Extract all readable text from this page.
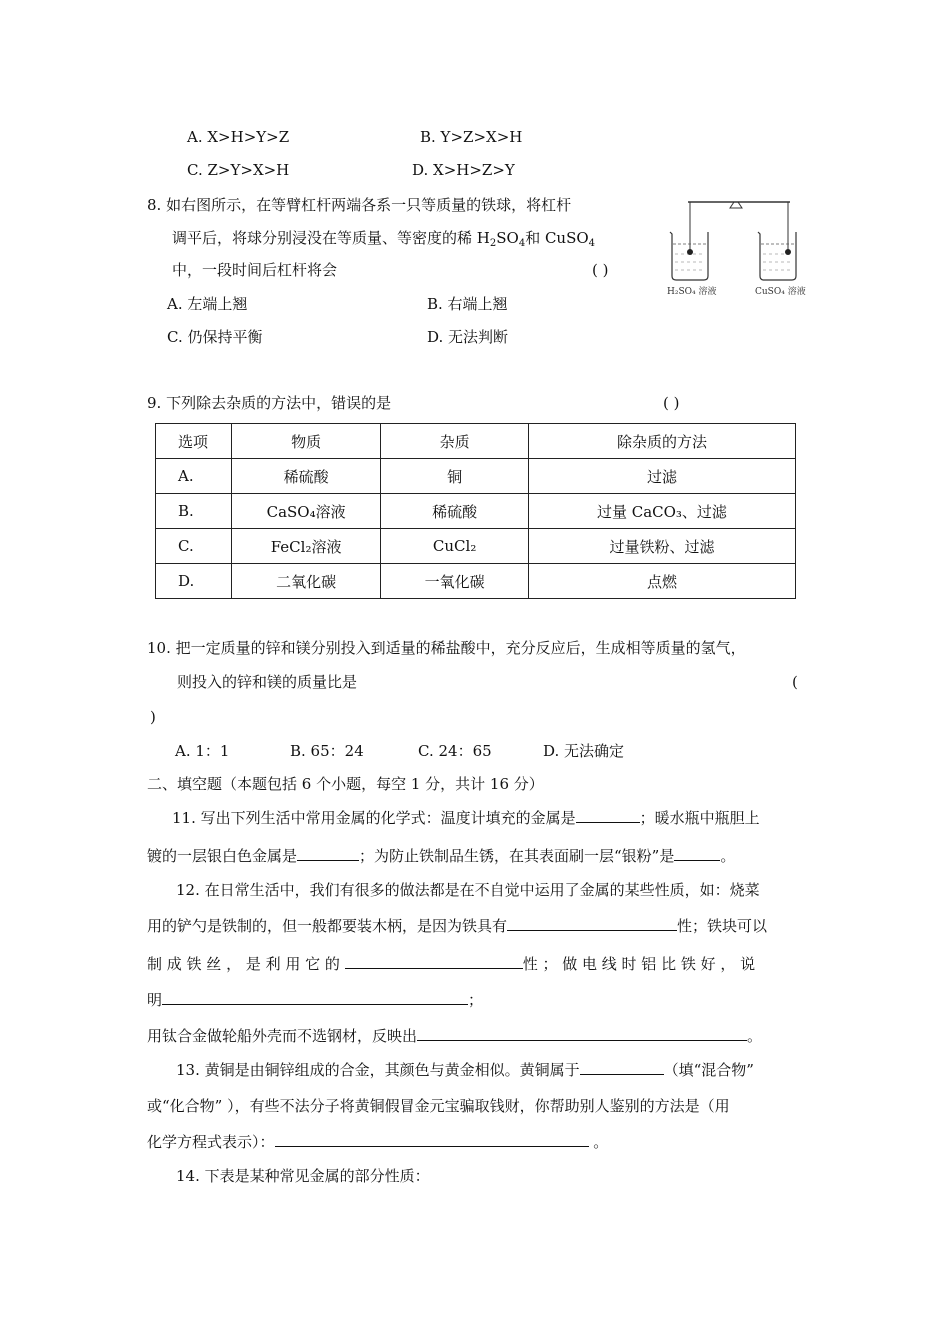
A. X>H>Y>Z	B. Y>Z>X>H
C. Z>Y>X>H	D. X>H>Z>Y
8. 如右图所示，在等臂杠杆两端各系一只等质量的铁球，将杠杆
调平后，将球分别浸没在等质量、等密度的稀 $H_2SO_4$和 CuSO$_4$
中，一段时间后杠杆将会	( )
A. 左端上翘	B. 右端上翘
C. 仍保持平衡	D. 无法判断
H₂SO₄ 溶液	CuSO₄ 溶液
9. 下列除去杂质的方法中，错误的是	( )
选项	物质	杂质	除杂质的方法
A.	稀硫酸	铜	过滤
B.	CaSO₄溶液	稀硫酸	过量 CaCO₃、过滤
C.	FeCl₂溶液	CuCl₂	过量铁粉、过滤
D.	二氧化碳	一氧化碳	点燃
10. 把一定质量的锌和镁分别投入到适量的稀盐酸中，充分反应后，生成相等质量的氢气，
则投入的锌和镁的质量比是	(
)
A. 1：1	B. 65：24	C. 24：65	D. 无法确定
二、填空题（本题包括 6 个小题，每空 1 分，共计 16 分）
11. 写出下列生活中常用金属的化学式：温度计填充的金属是	；暖水瓶中瓶胆上
镀的一层银白色金属是	；为防止铁制品生锈，在其表面刷一层“银粉”是	。
12. 在日常生活中，我们有很多的做法都是在不自觉中运用了金属的某些性质，如：烧菜
用的铲勺是铁制的，但一般都要装木柄，是因为铁具有	性；铁块可以
制 成 铁 丝 ， 是 利 用 它 的	性 ； 做 电 线 时 铝 比 铁 好 ， 说
明	；
用钛合金做轮船外壳而不选钢材，反映出	。
13. 黄铜是由铜锌组成的合金，其颜色与黄金相似。黄铜属于	（填“混合物”
或“化合物” ），有些不法分子将黄铜假冒金元宝骗取钱财，你帮助别人鉴别的方法是（用
化学方程式表示）：	。
14. 下表是某种常见金属的部分性质：
